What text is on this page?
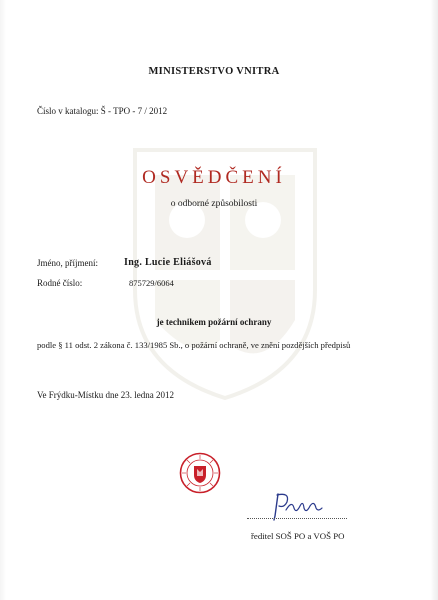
MINISTERSTVO VNITRA
Číslo v katalogu: Š - TPO - 7 / 2012
OSVĚDČENÍ
o odborné způsobilosti
Jméno, příjmení:	Ing. Lucie Eliášová
Rodné číslo:	875729/6064
je technikem požární ochrany
podle § 11 odst. 2 zákona č. 133/1985 Sb., o požární ochraně, ve znění pozdějších předpisů
Ve Frýdku-Místku dne 23. ledna 2012
ředitel SOŠ PO a VOŠ PO
